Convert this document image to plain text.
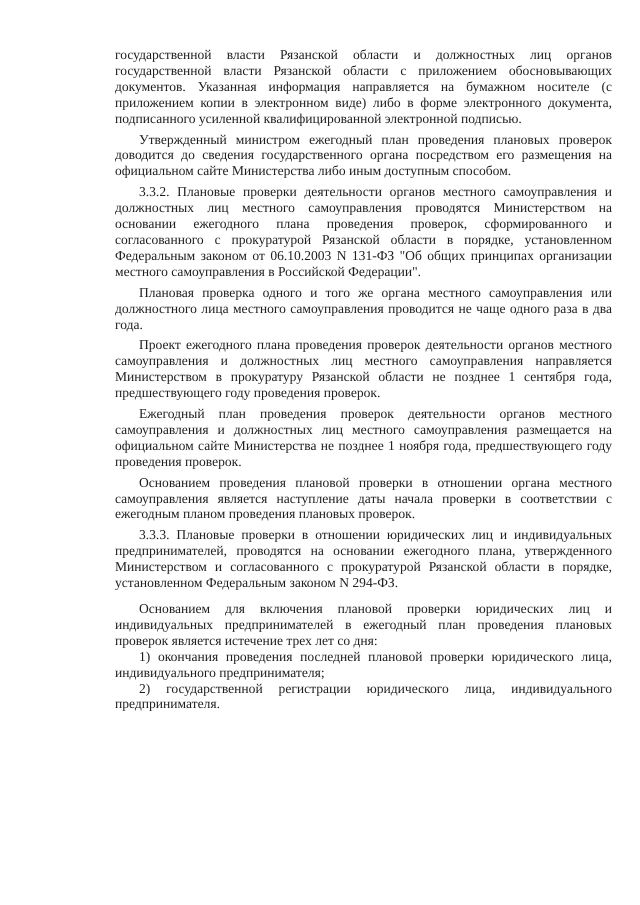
государственной власти Рязанской области и должностных лиц органов государственной власти Рязанской области с приложением обосновывающих документов. Указанная информация направляется на бумажном носителе (с приложением копии в электронном виде) либо в форме электронного документа, подписанного усиленной квалифицированной электронной подписью.

Утвержденный министром ежегодный план проведения плановых проверок доводится до сведения государственного органа посредством его размещения на официальном сайте Министерства либо иным доступным способом.

3.3.2. Плановые проверки деятельности органов местного самоуправления и должностных лиц местного самоуправления проводятся Министерством на основании ежегодного плана проведения проверок, сформированного и согласованного с прокуратурой Рязанской области в порядке, установленном Федеральным законом от 06.10.2003 N 131-ФЗ "Об общих принципах организации местного самоуправления в Российской Федерации".

Плановая проверка одного и того же органа местного самоуправления или должностного лица местного самоуправления проводится не чаще одного раза в два года.

Проект ежегодного плана проведения проверок деятельности органов местного самоуправления и должностных лиц местного самоуправления направляется Министерством в прокуратуру Рязанской области не позднее 1 сентября года, предшествующего году проведения проверок.

Ежегодный план проведения проверок деятельности органов местного самоуправления и должностных лиц местного самоуправления размещается на официальном сайте Министерства не позднее 1 ноября года, предшествующего году проведения проверок.

Основанием проведения плановой проверки в отношении органа местного самоуправления является наступление даты начала проверки в соответствии с ежегодным планом проведения плановых проверок.

3.3.3. Плановые проверки в отношении юридических лиц и индивидуальных предпринимателей, проводятся на основании ежегодного плана, утвержденного Министерством и согласованного с прокуратурой Рязанской области в порядке, установленном Федеральным законом N 294-ФЗ.

Основанием для включения плановой проверки юридических лиц и индивидуальных предпринимателей в ежегодный план проведения плановых проверок является истечение трех лет со дня:

1) окончания проведения последней плановой проверки юридического лица, индивидуального предпринимателя;

2) государственной регистрации юридического лица, индивидуального предпринимателя.
